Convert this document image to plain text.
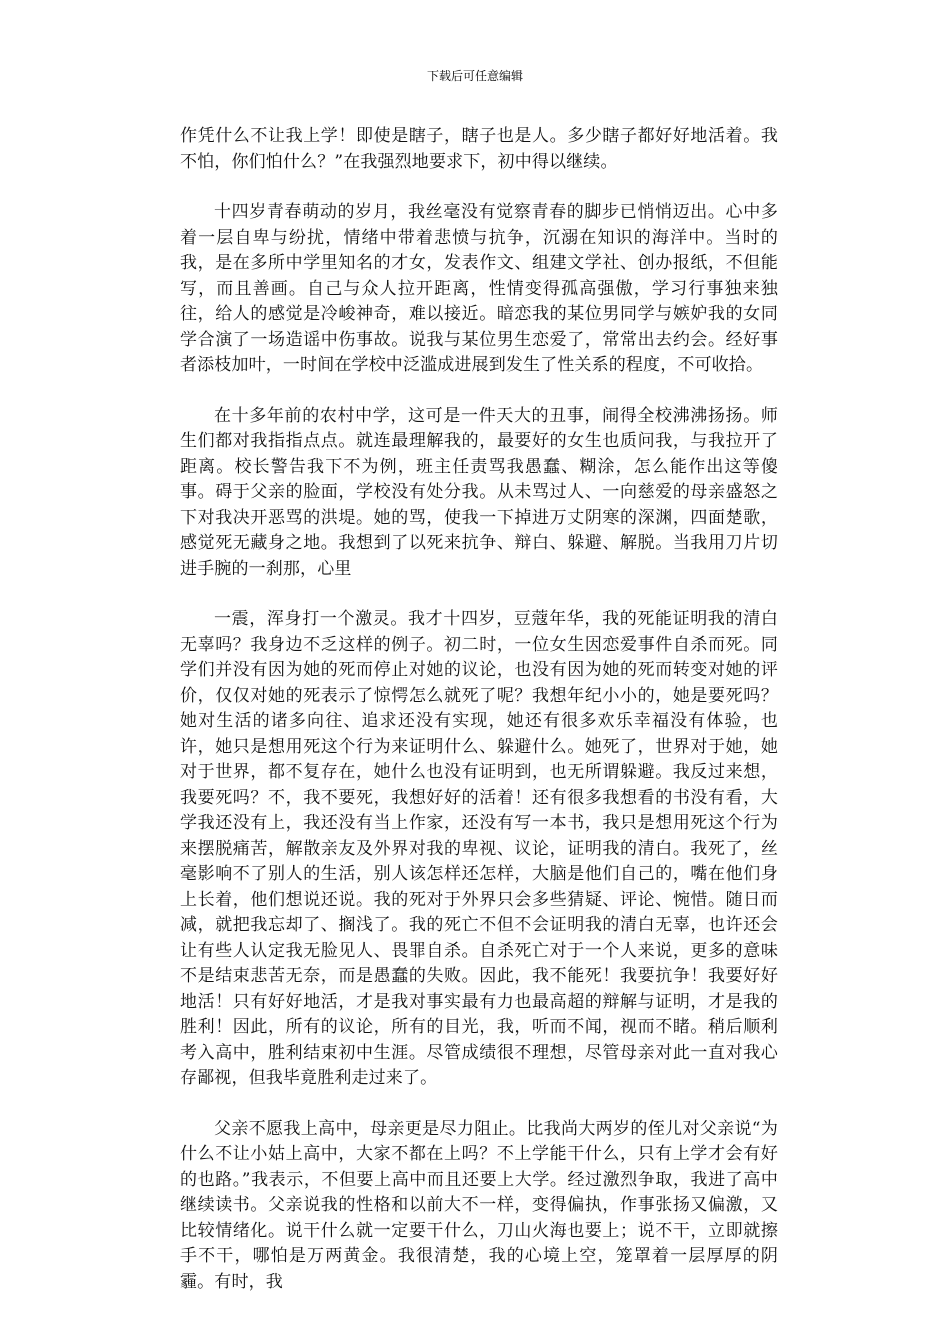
下载后可任意编辑

作凭什么不让我上学！即使是瞎子，瞎子也是人。多少瞎子都好好地活着。我不怕，你们怕什么？”在我强烈地要求下，初中得以继续。

十四岁青春萌动的岁月，我丝毫没有觉察青春的脚步已悄悄迈出。心中多着一层自卑与纷扰，情绪中带着悲愤与抗争，沉溺在知识的海洋中。当时的我，是在多所中学里知名的才女，发表作文、组建文学社、创办报纸，不但能写，而且善画。自己与众人拉开距离，性情变得孤高强傲，学习行事独来独往，给人的感觉是冷峻神奇，难以接近。暗恋我的某位男同学与嫉妒我的女同学合演了一场造谣中伤事故。说我与某位男生恋爱了，常常出去约会。经好事者添枝加叶，一时间在学校中泛滥成进展到发生了性关系的程度，不可收拾。

在十多年前的农村中学，这可是一件天大的丑事，闹得全校沸沸扬扬。师生们都对我指指点点。就连最理解我的，最要好的女生也质问我，与我拉开了距离。校长警告我下不为例，班主任责骂我愚蠢、糊涂，怎么能作出这等傻事。碍于父亲的脸面，学校没有处分我。从未骂过人、一向慈爱的母亲盛怒之下对我决开恶骂的洪堤。她的骂，使我一下掉进万丈阴寒的深渊，四面楚歌，感觉死无藏身之地。我想到了以死来抗争、辩白、躲避、解脱。当我用刀片切进手腕的一刹那，心里

一震，浑身打一个激灵。我才十四岁，豆蔻年华，我的死能证明我的清白无辜吗？我身边不乏这样的例子。初二时，一位女生因恋爱事件自杀而死。同学们并没有因为她的死而停止对她的议论，也没有因为她的死而转变对她的评价，仅仅对她的死表示了惊愕怎么就死了呢？我想年纪小小的，她是要死吗？她对生活的诸多向往、追求还没有实现，她还有很多欢乐幸福没有体验，也许，她只是想用死这个行为来证明什么、躲避什么。她死了，世界对于她，她对于世界，都不复存在，她什么也没有证明到，也无所谓躲避。我反过来想，我要死吗？不，我不要死，我想好好的活着！还有很多我想看的书没有看，大学我还没有上，我还没有当上作家，还没有写一本书，我只是想用死这个行为来摆脱痛苦，解散亲友及外界对我的卑视、议论，证明我的清白。我死了，丝毫影响不了别人的生活，别人该怎样还怎样，大脑是他们自己的，嘴在他们身上长着，他们想说还说。我的死对于外界只会多些猜疑、评论、惋惜。随日而减，就把我忘却了、搁浅了。我的死亡不但不会证明我的清白无辜，也许还会让有些人认定我无脸见人、畏罪自杀。自杀死亡对于一个人来说，更多的意味不是结束悲苦无奈，而是愚蠢的失败。因此，我不能死！我要抗争！我要好好地活！只有好好地活，才是我对事实最有力也最高超的辩解与证明，才是我的胜利！因此，所有的议论，所有的目光，我，听而不闻，视而不睹。稍后顺利考入高中，胜利结束初中生涯。尽管成绩很不理想，尽管母亲对此一直对我心存鄙视，但我毕竟胜利走过来了。

父亲不愿我上高中，母亲更是尽力阻止。比我尚大两岁的侄儿对父亲说“为什么不让小姑上高中，大家不都在上吗？不上学能干什么，只有上学才会有好的也路。”我表示，不但要上高中而且还要上大学。经过激烈争取，我进了高中继续读书。父亲说我的性格和以前大不一样，变得偏执，作事张扬又偏激，又比较情绪化。说干什么就一定要干什么，刀山火海也要上；说不干，立即就擦手不干，哪怕是万两黄金。我很清楚，我的心境上空，笼罩着一层厚厚的阴霾。有时，我
